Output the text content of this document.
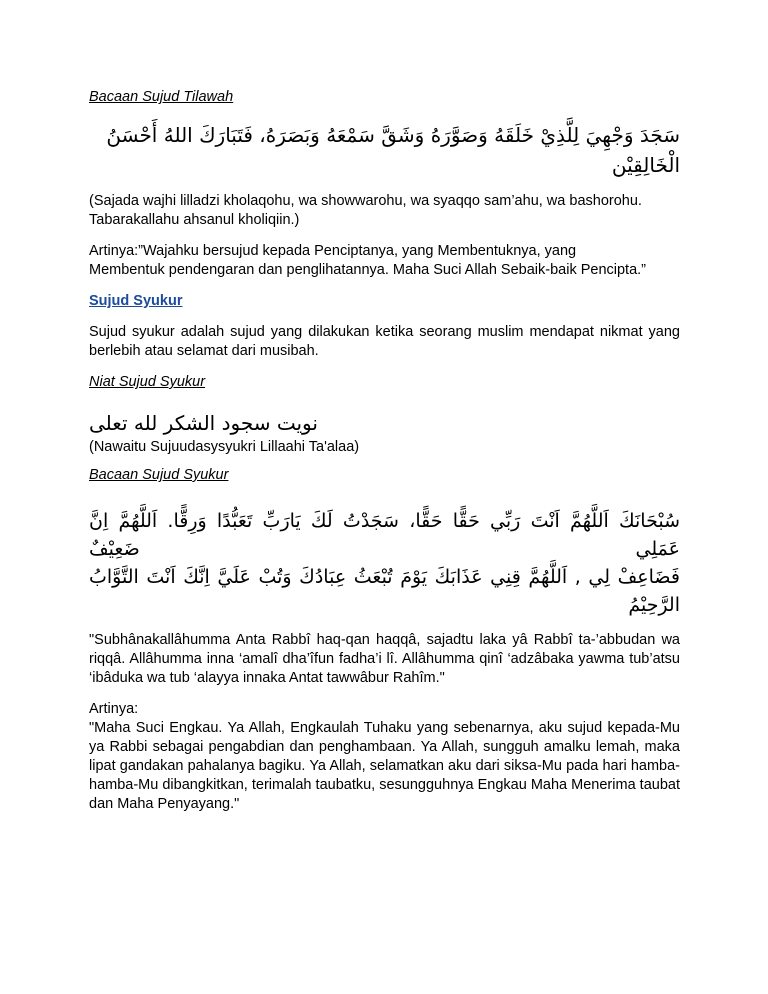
Bacaan Sujud Tilawah

سَجَدَ وَجْهِيَ لِلَّذِيْ خَلَقَهُ وَصَوَّرَهُ وَشَقَّ سَمْعَهُ وَبَصَرَهُ، فَتَبَارَكَ اللهُ أَحْسَنُ الْخَالِقِيْن

(Sajada wajhi lilladzi kholaqohu, wa showwarohu, wa syaqqo sam’ahu, wa bashorohu.

Tabarakallahu ahsanul kholiqiin.)

Artinya:”Wajahku bersujud kepada Penciptanya, yang Membentuknya, yang

Membentuk pendengaran dan penglihatannya. Maha Suci Allah Sebaik-baik Pencipta.”

Sujud Syukur

Sujud syukur adalah sujud yang dilakukan ketika seorang muslim mendapat nikmat yang berlebih atau selamat dari musibah.

Niat Sujud Syukur

نويت سجود الشكر لله تعلى

(Nawaitu Sujuudasysyukri Lillaahi Ta'alaa)

Bacaan Sujud Syukur

سُبْحَانَكَ اَللَّهُمَّ اَنْتَ رَبِّي حَقًّا حَقًّا، سَجَدْتُ لَكَ يَارَبِّ تَعَبُّدًا وَرِقًّا. اَللَّهُمَّ اِنَّ عَمَلِي ضَعِيْفٌ
فَضَاعِفْ لِي , اَللَّهُمَّ قِنِي عَذَابَكَ يَوْمَ تُبْعَثُ عِبَادُكَ وَتُبْ عَلَيَّ اِنَّكَ اَنْتَ التَّوَّابُ الرَّحِيْمُ

"Subhânakallâhumma Anta Rabbî haq-qan haqqâ, sajadtu laka yâ Rabbî ta-’abbudan wa riqqâ. Allâhumma inna ‘amalî dha’îfun fadha’i lî. Allâhumma qinî ‘adzâbaka yawma tub’atsu ‘ibâduka wa tub ‘alayya innaka Antat tawwâbur Rahîm."

Artinya:

"Maha Suci Engkau. Ya Allah, Engkaulah Tuhaku yang sebenarnya, aku sujud kepada-Mu ya Rabbi sebagai pengabdian dan penghambaan. Ya Allah, sungguh amalku lemah, maka lipat gandakan pahalanya bagiku. Ya Allah, selamatkan aku dari siksa-Mu pada hari hamba-hamba-Mu dibangkitkan, terimalah taubatku, sesungguhnya Engkau Maha Menerima taubat dan Maha Penyayang."
